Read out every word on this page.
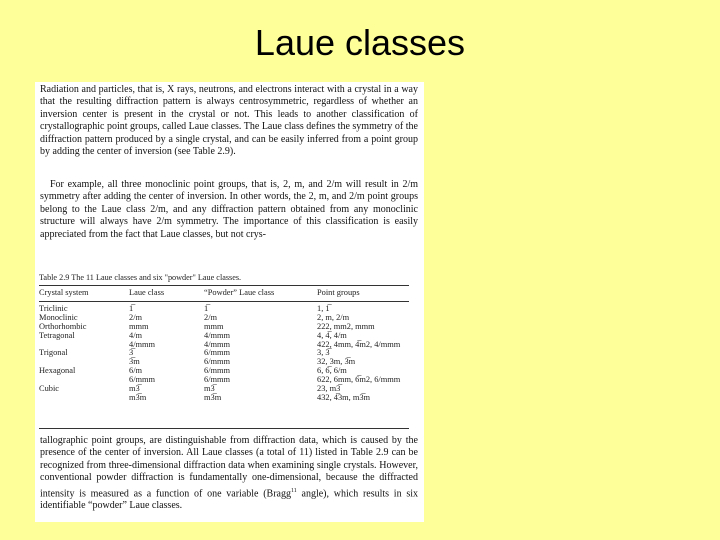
Laue classes
Radiation and particles, that is, X rays, neutrons, and electrons interact with a crystal in a way that the resulting diffraction pattern is always centrosymmetric, regardless of whether an inversion center is present in the crystal or not. This leads to another classification of crystallographic point groups, called Laue classes. The Laue class defines the symmetry of the diffraction pattern produced by a single crystal, and can be easily inferred from a point group by adding the center of inversion (see Table 2.9).
For example, all three monoclinic point groups, that is, 2, m, and 2/m will result in 2/m symmetry after adding the center of inversion. In other words, the 2, m, and 2/m point groups belong to the Laue class 2/m, and any diffraction pattern obtained from any monoclinic structure will always have 2/m symmetry. The importance of this classification is easily appreciated from the fact that Laue classes, but not crys-
Table 2.9 The 11 Laue classes and six "powder" Laue classes.
Crystal system	Laue class	“Powder” Laue class	Point groups

Triclinic	1̅	1̅	1, 1̅
Monoclinic	2/m	2/m	2, m, 2/m
Orthorhombic	mmm	mmm	222, mm2, mmm
Tetragonal	4/m	4/mmm	4, 4̅, 4/m
	4/mmm	4/mmm	422, 4mm, 4̅m2, 4/mmm
Trigonal	3̅	6/mmm	3, 3̅
	3̅m	6/mmm	32, 3m, 3̅m
Hexagonal	6/m	6/mmm	6, 6̅, 6/m
	6/mmm	6/mmm	622, 6mm, 6̅m2, 6/mmm
Cubic	m3̅	m3̅	23, m3̅
	m3̅m	m3̅m	432, 4̅3m, m3̅m
tallographic point groups, are distinguishable from diffraction data, which is caused by the presence of the center of inversion. All Laue classes (a total of 11) listed in Table 2.9 can be recognized from three-dimensional diffraction data when examining single crystals. However, conventional powder diffraction is fundamentally one-dimensional, because the diffracted intensity is measured as a function of one variable (Bragg$^{11}$ angle), which results in six identifiable “powder” Laue classes.
